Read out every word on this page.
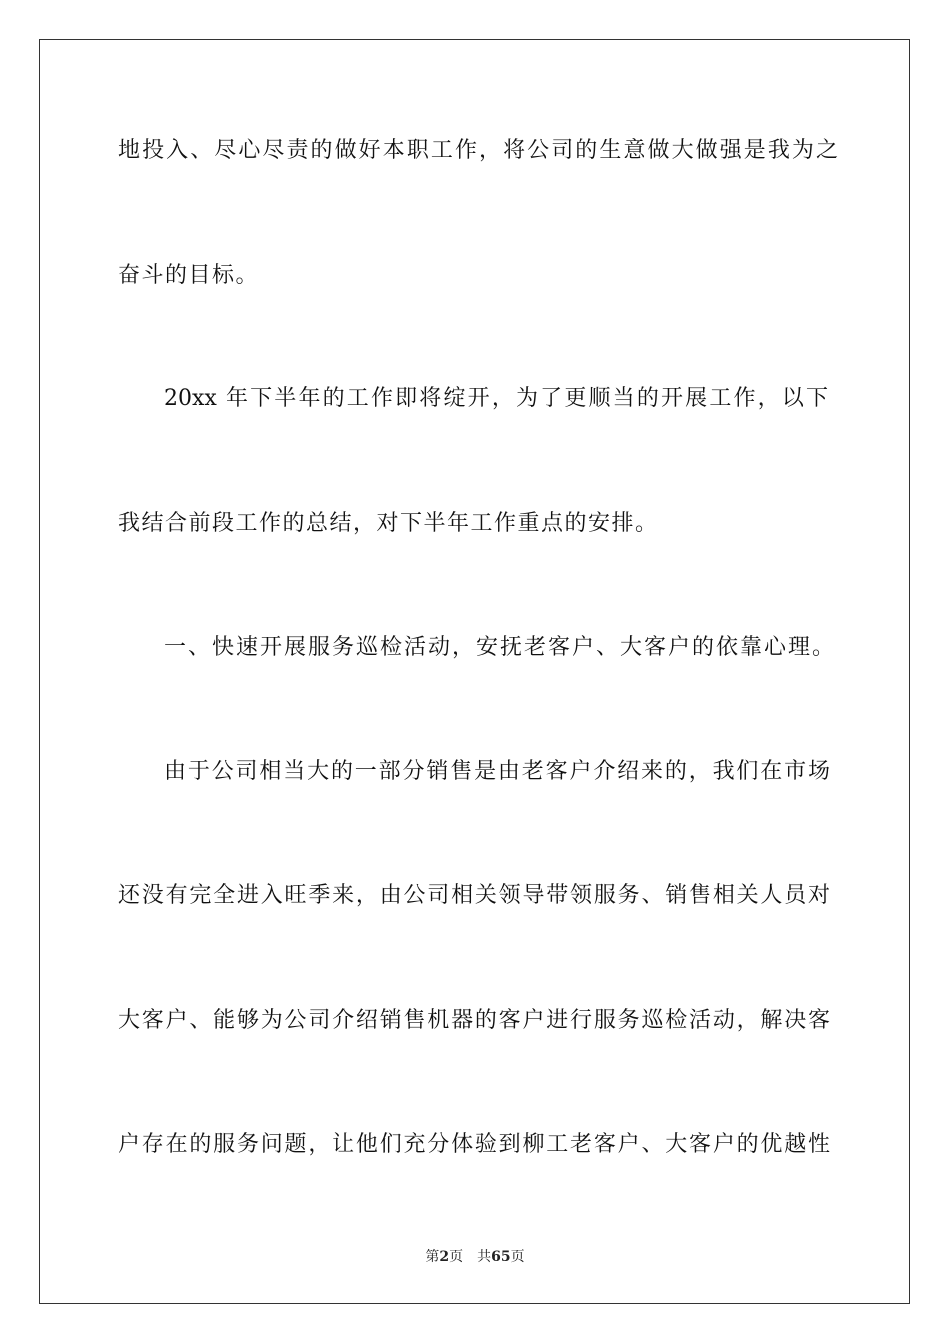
地投入、尽心尽责的做好本职工作，将公司的生意做大做强是我为之
奋斗的目标。
20xx 年下半年的工作即将绽开，为了更顺当的开展工作，以下
我结合前段工作的总结，对下半年工作重点的安排。
一、快速开展服务巡检活动，安抚老客户、大客户的依靠心理。
由于公司相当大的一部分销售是由老客户介绍来的，我们在市场
还没有完全进入旺季来，由公司相关领导带领服务、销售相关人员对
大客户、能够为公司介绍销售机器的客户进行服务巡检活动，解决客
户存在的服务问题，让他们充分体验到柳工老客户、大客户的优越性
第2页 共65页
